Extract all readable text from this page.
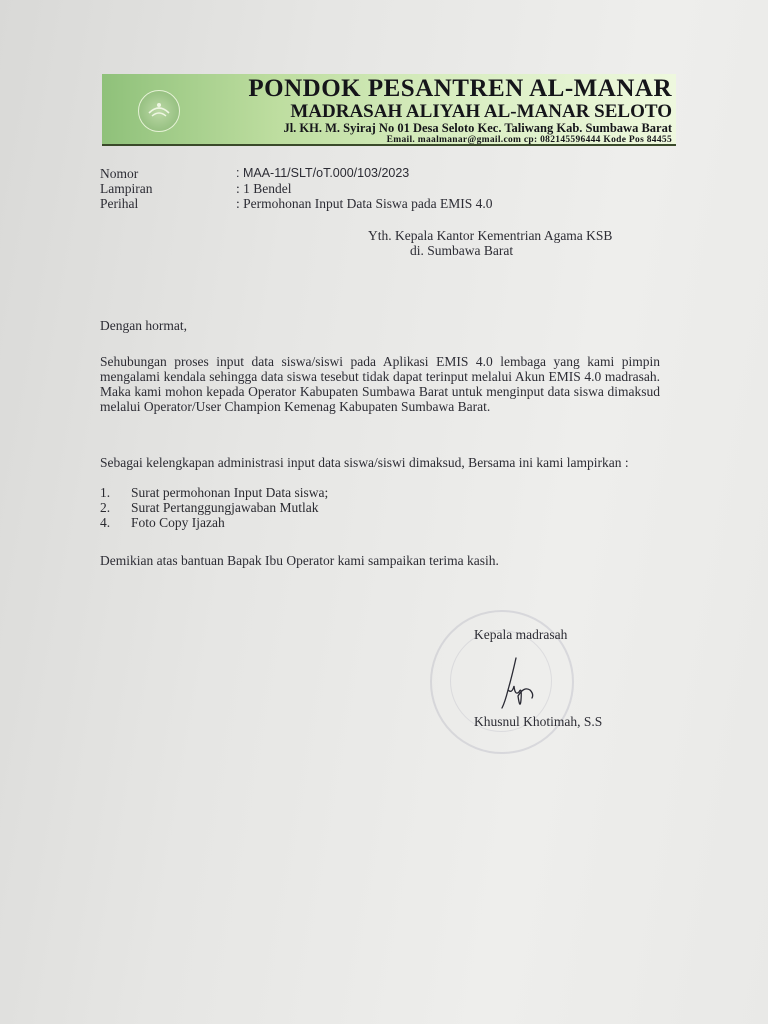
PONDOK PESANTREN AL-MANAR
MADRASAH ALIYAH AL-MANAR SELOTO
Jl. KH. M. Syiraj No 01 Desa Seloto Kec. Taliwang Kab. Sumbawa Barat
Email. maalmanar@gmail.com cp: 082145596444 Kode Pos 84455
Nomor	: MAA-11/SLT/oT.000/103/2023
Lampiran	: 1 Bendel
Perihal	: Permohonan Input Data Siswa pada EMIS 4.0
Yth. Kepala Kantor Kementrian Agama KSB
di. Sumbawa Barat
Dengan hormat,
Sehubungan proses input data siswa/siswi pada Aplikasi EMIS 4.0 lembaga yang kami pimpin mengalami kendala sehingga data siswa tesebut tidak dapat terinput melalui Akun EMIS 4.0 madrasah. Maka kami mohon kepada Operator Kabupaten Sumbawa Barat untuk menginput data siswa dimaksud melalui Operator/User Champion Kemenag Kabupaten Sumbawa Barat.
Sebagai kelengkapan administrasi input data siswa/siswi dimaksud, Bersama ini kami lampirkan :
1. Surat permohonan Input Data siswa;
2. Surat Pertanggungjawaban Mutlak
4. Foto Copy Ijazah
Demikian atas bantuan Bapak Ibu Operator kami sampaikan terima kasih.
Kepala madrasah
Khusnul Khotimah, S.S
